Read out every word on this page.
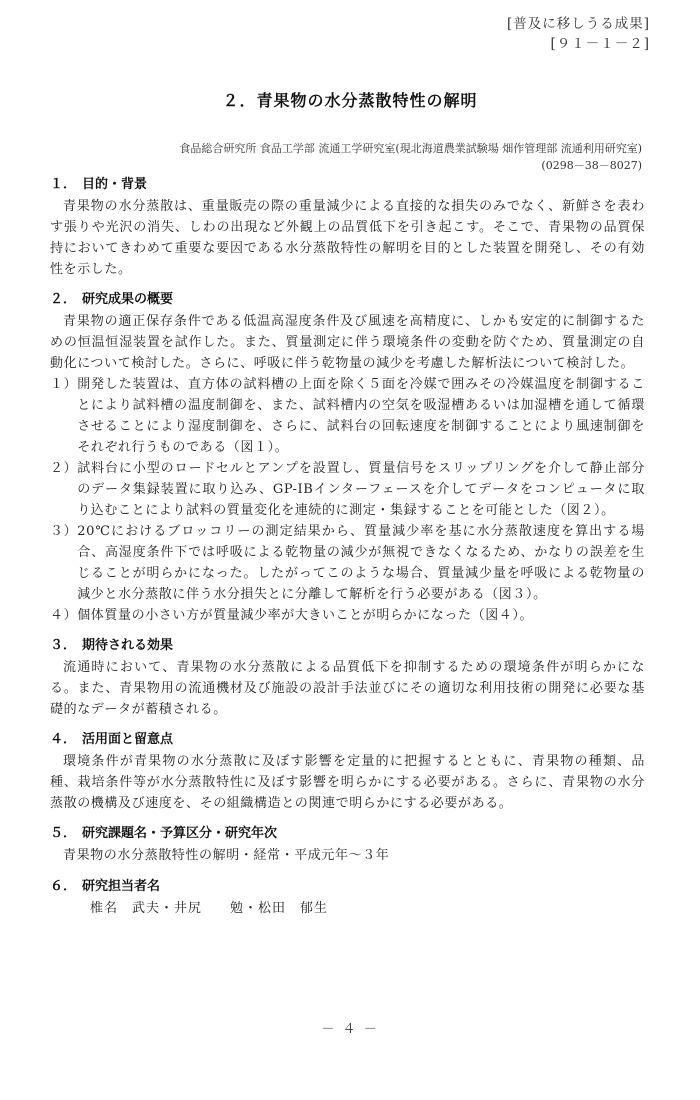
[普及に移しうる成果]
[９１－１－２]
２．青果物の水分蒸散特性の解明
食品総合研究所 食品工学部 流通工学研究室(現北海道農業試験場 畑作管理部 流通利用研究室)
(0298－38－8027)
１． 目的・背景

青果物の水分蒸散は、重量販売の際の重量減少による直接的な損失のみでなく、新鮮さを表わす張りや光沢の消失、しわの出現など外観上の品質低下を引き起こす。そこで、青果物の品質保持においてきわめて重要な要因である水分蒸散特性の解明を目的とした装置を開発し、その有効性を示した。

２． 研究成果の概要

青果物の適正保存条件である低温高湿度条件及び風速を高精度に、しかも安定的に制御するための恒温恒湿装置を試作した。また、質量測定に伴う環境条件の変動を防ぐため、質量測定の自動化について検討した。さらに、呼吸に伴う乾物量の減少を考慮した解析法について検討した。

１） 開発した装置は、直方体の試料槽の上面を除く５面を冷媒で囲みその冷媒温度を制御することにより試料槽の温度制御を、また、試料槽内の空気を吸湿槽あるいは加湿槽を通して循環させることにより湿度制御を、さらに、試料台の回転速度を制御することにより風速制御をそれぞれ行うものである（図１）。
２） 試料台に小型のロードセルとアンプを設置し、質量信号をスリップリングを介して静止部分のデータ集録装置に取り込み、GP-IBインターフェースを介してデータをコンピュータに取り込むことにより試料の質量変化を連続的に測定・集録することを可能とした（図２）。
３） 20℃におけるブロッコリーの測定結果から、質量減少率を基に水分蒸散速度を算出する場合、高湿度条件下では呼吸による乾物量の減少が無視できなくなるため、かなりの誤差を生じることが明らかになった。したがってこのような場合、質量減少量を呼吸による乾物量の減少と水分蒸散に伴う水分損失とに分離して解析を行う必要がある（図３）。
４） 個体質量の小さい方が質量減少率が大きいことが明らかになった（図４）。
３． 期待される効果

流通時において、青果物の水分蒸散による品質低下を抑制するための環境条件が明らかになる。また、青果物用の流通機材及び施設の設計手法並びにその適切な利用技術の開発に必要な基礎的なデータが蓄積される。

４． 活用面と留意点

環境条件が青果物の水分蒸散に及ぼす影響を定量的に把握するとともに、青果物の種類、品種、栽培条件等が水分蒸散特性に及ぼす影響を明らかにする必要がある。さらに、青果物の水分蒸散の機構及び速度を、その組織構造との関連で明らかにする必要がある。

５． 研究課題名・予算区分・研究年次

青果物の水分蒸散特性の解明・経常・平成元年～３年

６． 研究担当者名

椎名　武夫・井尻　　勉・松田　郁生

－ ４ －
